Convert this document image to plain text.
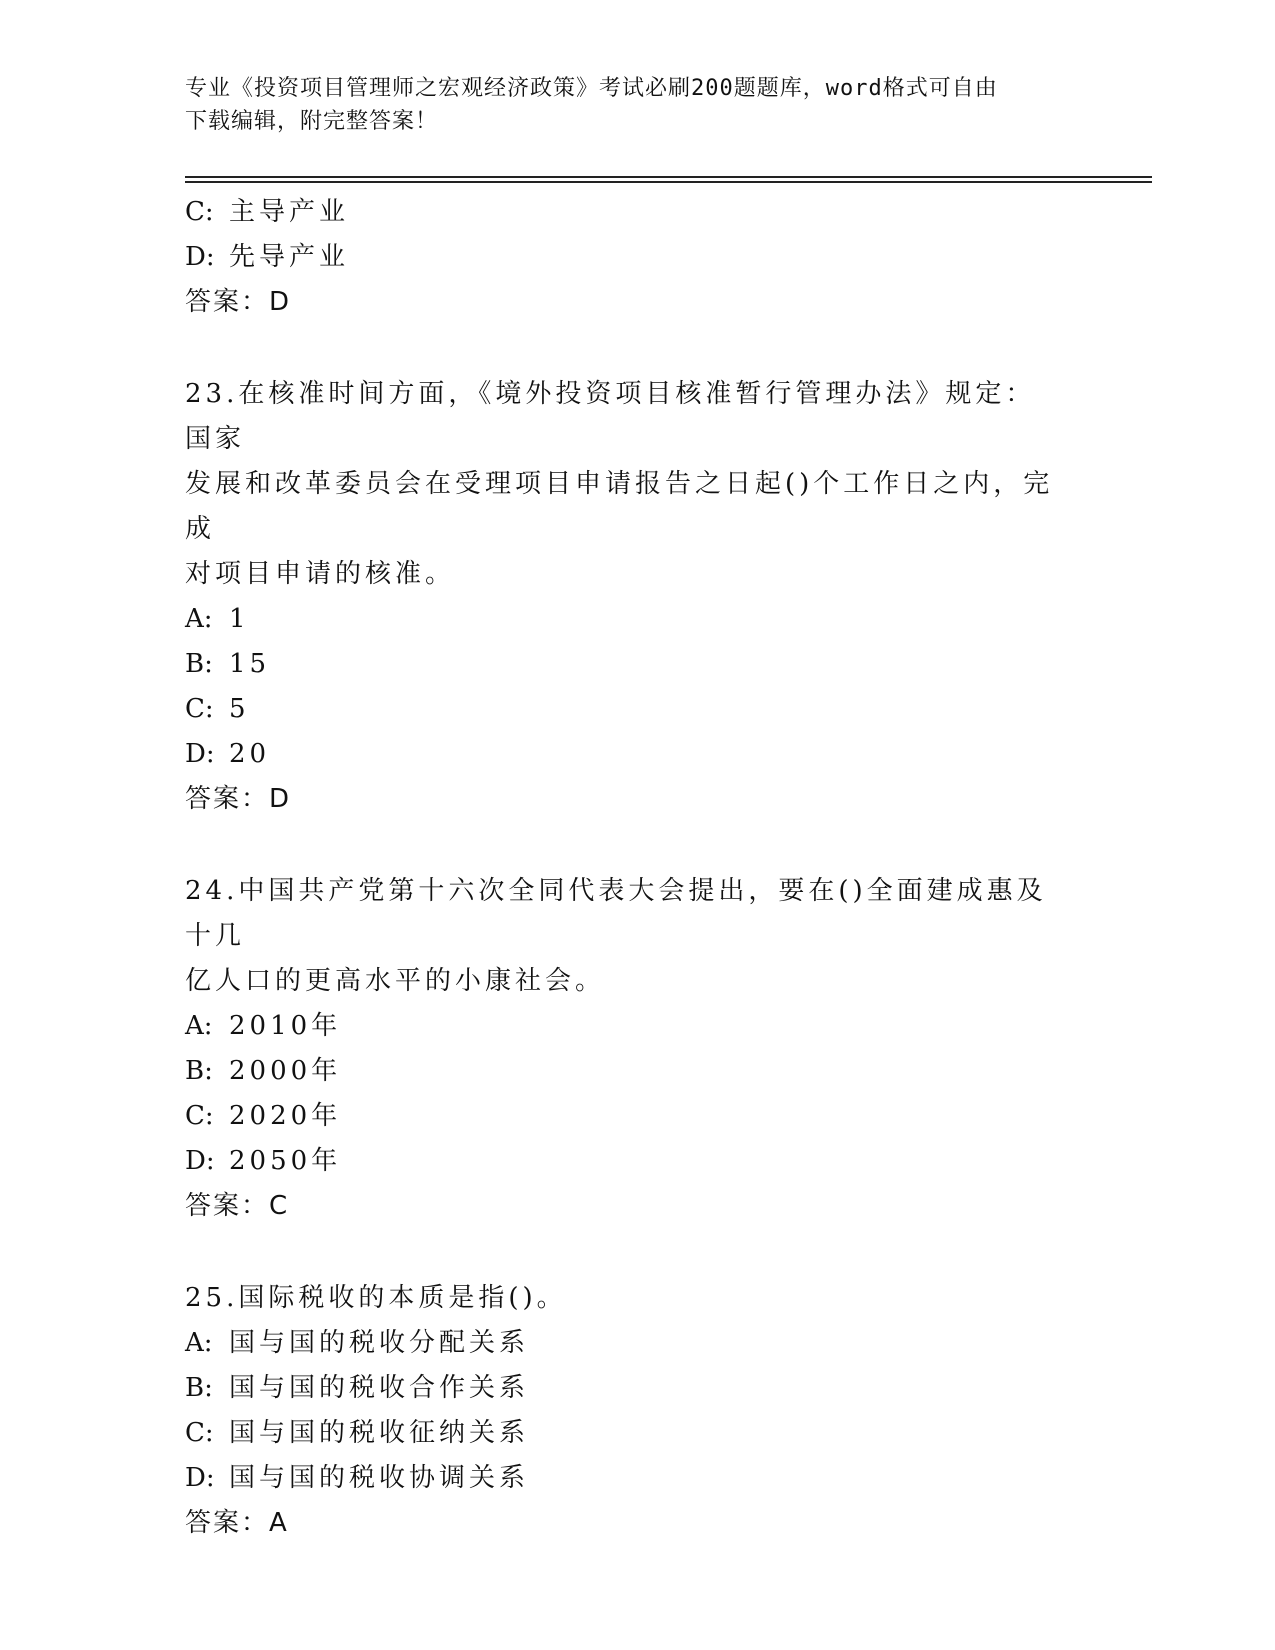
专业《投资项目管理师之宏观经济政策》考试必刷200题题库，word格式可自由
下载编辑，附完整答案！
C: 主导产业
D: 先导产业
答案：D
23.在核准时间方面，《境外投资项目核准暂行管理办法》规定：国家
发展和改革委员会在受理项目申请报告之日起()个工作日之内，完成
对项目申请的核准。
A: 1
B: 15
C: 5
D: 20
答案：D
24.中国共产党第十六次全同代表大会提出，要在()全面建成惠及十几
亿人口的更高水平的小康社会。
A: 2010年
B: 2000年
C: 2020年
D: 2050年
答案：C
25.国际税收的本质是指()。
A: 国与国的税收分配关系
B: 国与国的税收合作关系
C: 国与国的税收征纳关系
D: 国与国的税收协调关系
答案：A
